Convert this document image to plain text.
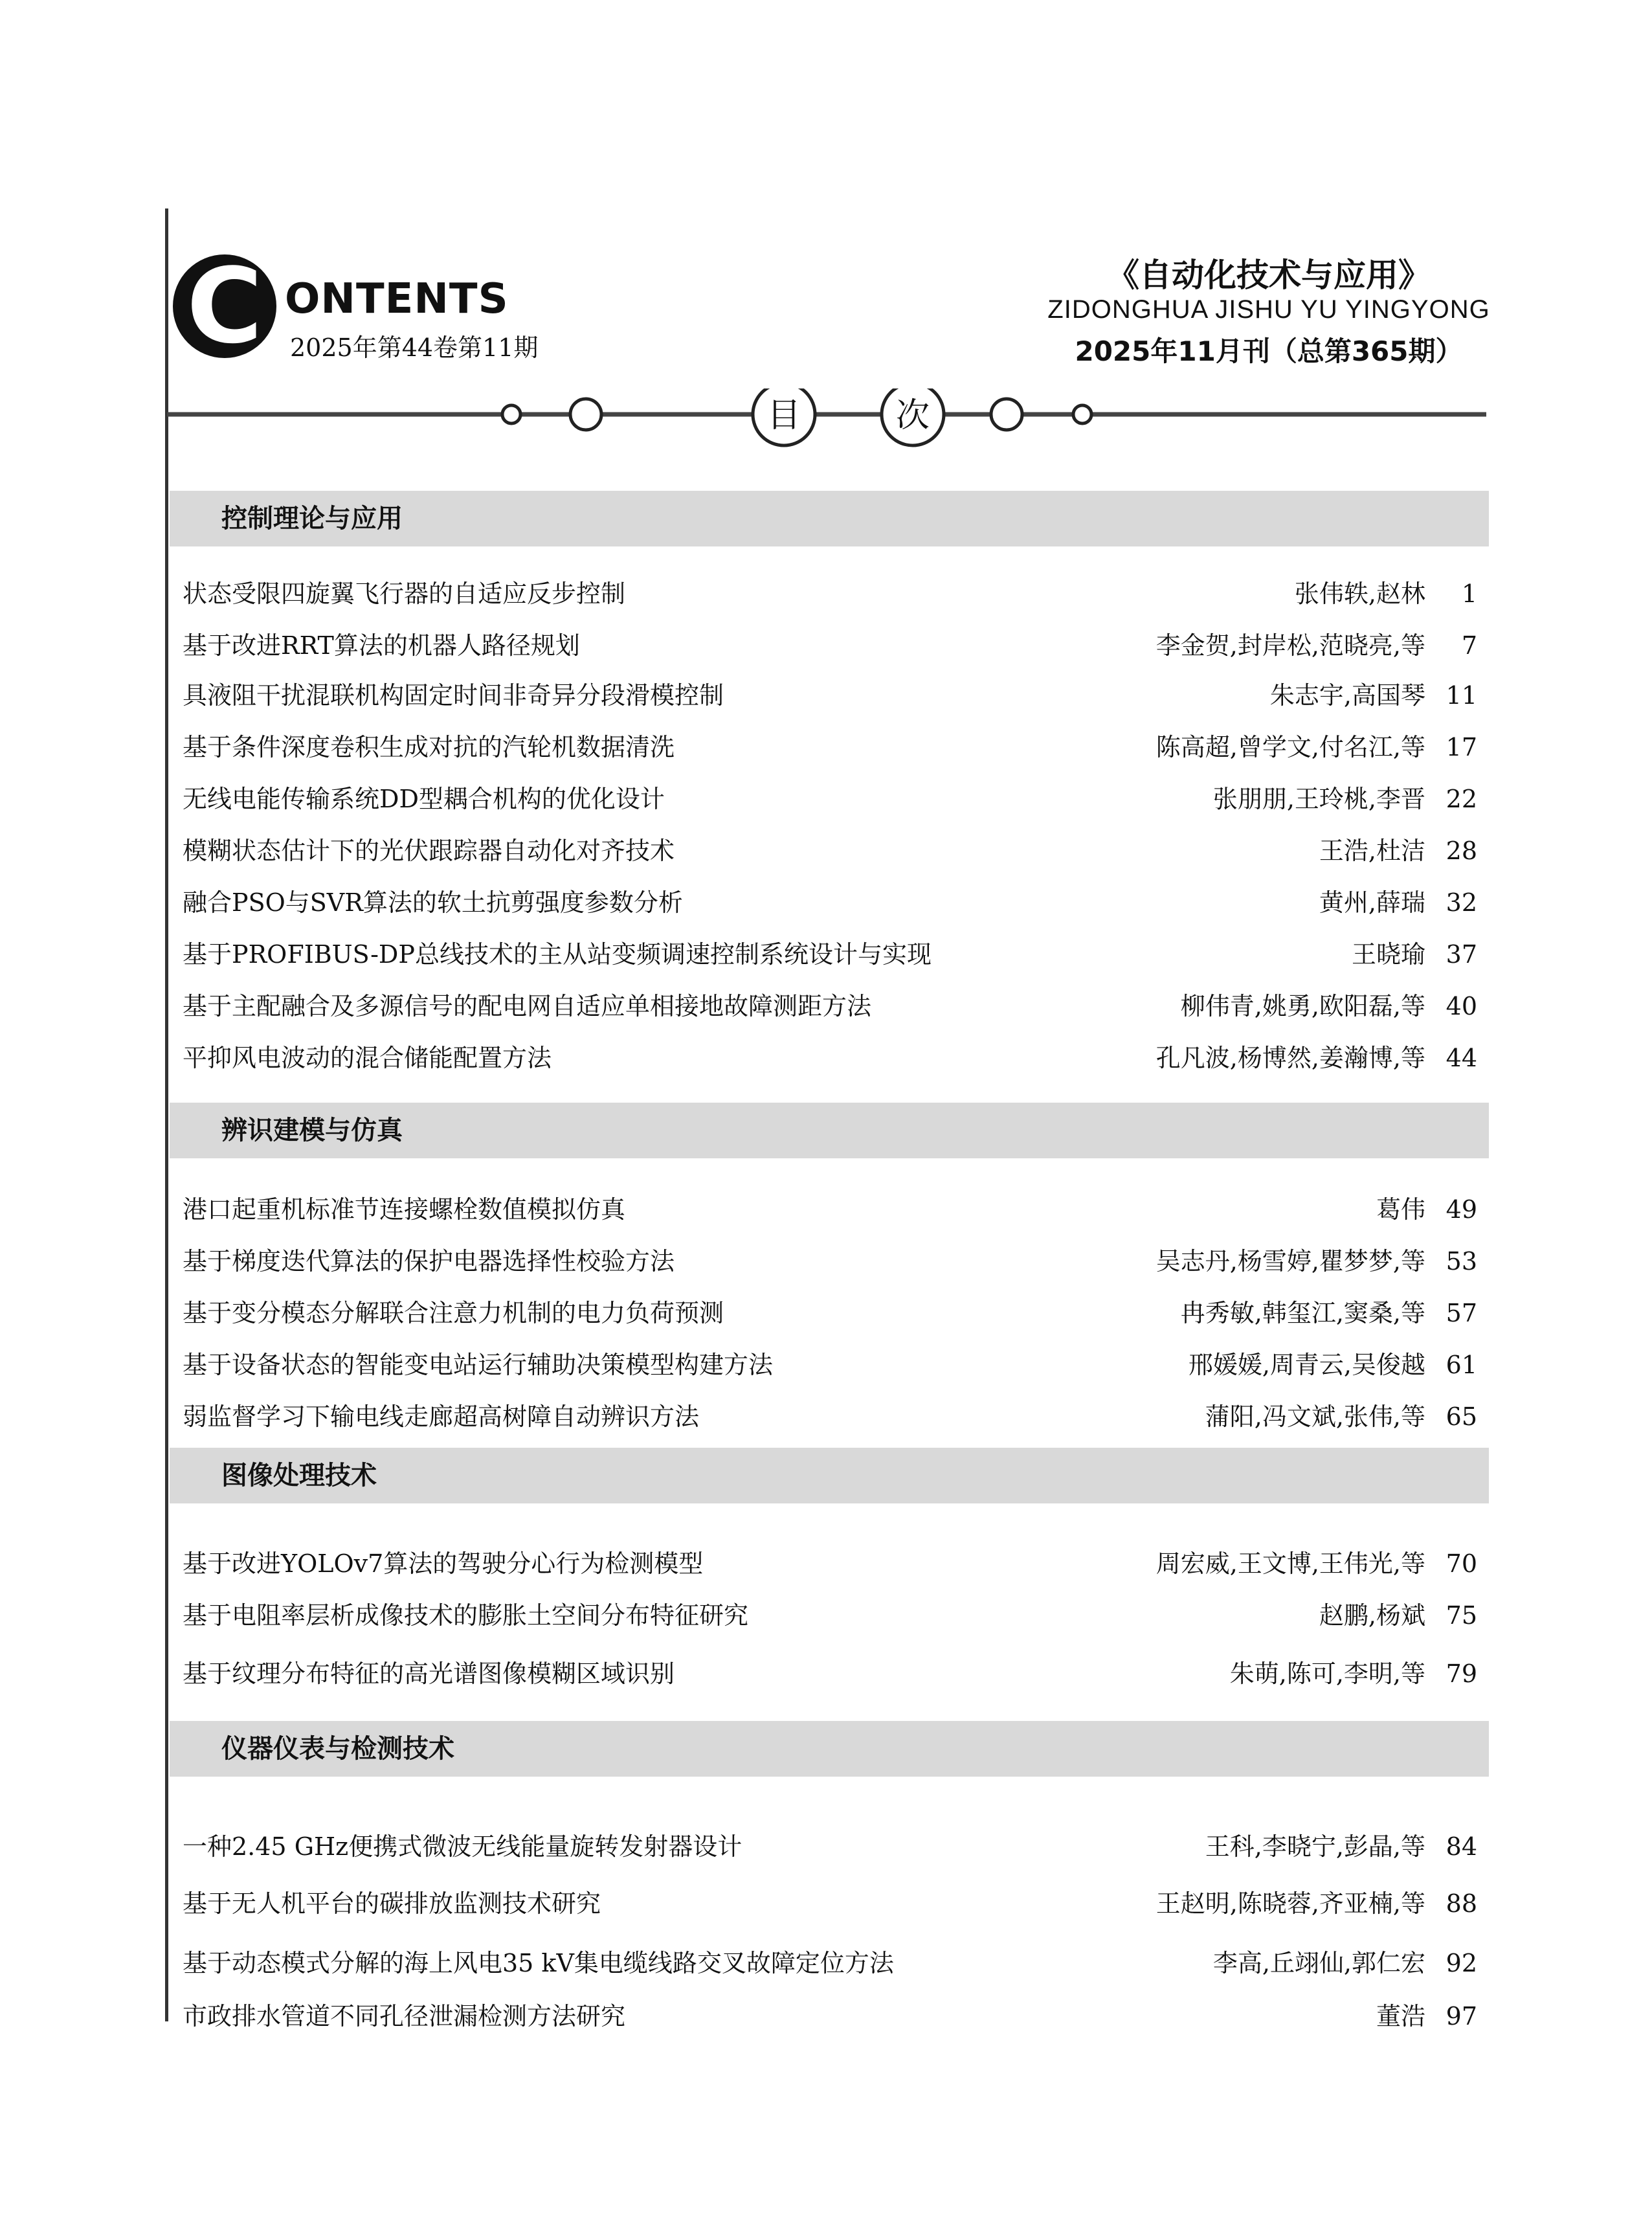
C ONTENTS
2025年第44卷第11期
《自动化技术与应用》
ZIDONGHUA JISHU YU YINGYONG
2025年11月刊（总第365期）
目	次
控制理论与应用
状态受限四旋翼飞行器的自适应反步控制	张伟轶,赵林	1
基于改进RRT算法的机器人路径规划	李金贺,封岸松,范晓亮,等	7
具液阻干扰混联机构固定时间非奇异分段滑模控制	朱志宇,高国琴 11
基于条件深度卷积生成对抗的汽轮机数据清洗	陈高超,曾学文,付名江,等 17
无线电能传输系统DD型耦合机构的优化设计	张朋朋,王玲桃,李晋 22
模糊状态估计下的光伏跟踪器自动化对齐技术	王浩,杜洁 28
融合PSO与SVR算法的软土抗剪强度参数分析	黄州,薛瑞 32
基于PROFIBUS-DP总线技术的主从站变频调速控制系统设计与实现	王晓瑜 37
基于主配融合及多源信号的配电网自适应单相接地故障测距方法	柳伟青,姚勇,欧阳磊,等 40
平抑风电波动的混合储能配置方法	孔凡波,杨博然,姜瀚博,等 44
辨识建模与仿真
港口起重机标准节连接螺栓数值模拟仿真	葛伟 49
基于梯度迭代算法的保护电器选择性校验方法	吴志丹,杨雪婷,瞿梦梦,等 53
基于变分模态分解联合注意力机制的电力负荷预测	冉秀敏,韩玺江,窦桑,等 57
基于设备状态的智能变电站运行辅助决策模型构建方法	邢媛媛,周青云,吴俊越 61
弱监督学习下输电线走廊超高树障自动辨识方法	蒲阳,冯文斌,张伟,等 65
图像处理技术
基于改进YOLOv7算法的驾驶分心行为检测模型	周宏威,王文博,王伟光,等 70
基于电阻率层析成像技术的膨胀土空间分布特征研究	赵鹏,杨斌 75
基于纹理分布特征的高光谱图像模糊区域识别	朱萌,陈可,李明,等 79
仪器仪表与检测技术
一种2.45 GHz便携式微波无线能量旋转发射器设计	王科,李晓宁,彭晶,等 84
基于无人机平台的碳排放监测技术研究	王赵明,陈晓蓉,齐亚楠,等 88
基于动态模式分解的海上风电35 kV集电缆线路交叉故障定位方法	李高,丘翊仙,郭仁宏 92
市政排水管道不同孔径泄漏检测方法研究	董浩 97
